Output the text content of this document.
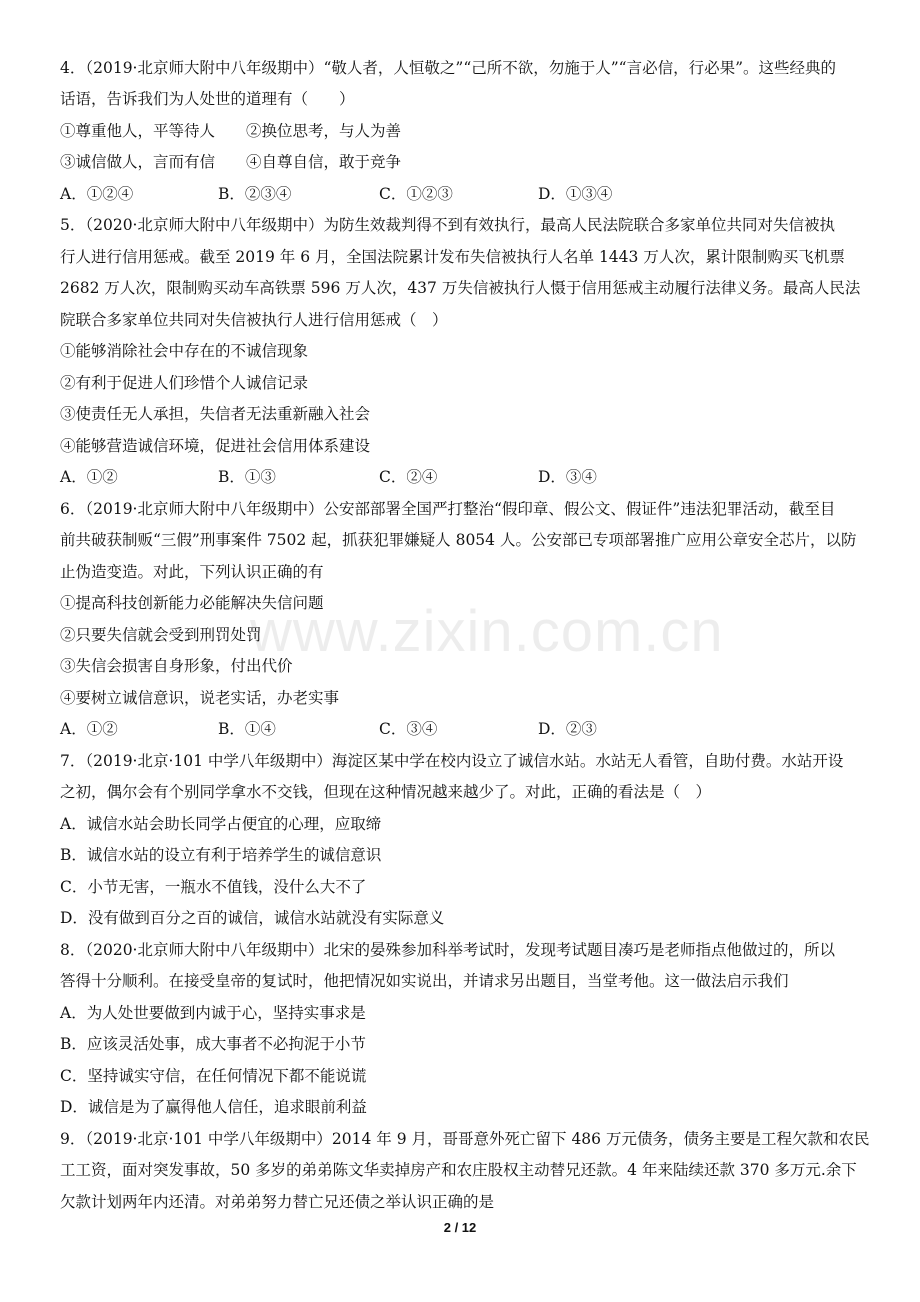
4．（2019·北京师大附中八年级期中）“敬人者，人恒敬之”“己所不欲，勿施于人”“言必信，行必果”。这些经典的
话语，告诉我们为人处世的道理有（　　）
①尊重他人，平等待人　　②换位思考，与人为善
③诚信做人，言而有信　　④自尊自信，敢于竞争
A．①②④	B．②③④	C．①②③	D．①③④
5．（2020·北京师大附中八年级期中）为防生效裁判得不到有效执行，最高人民法院联合多家单位共同对失信被执
行人进行信用惩戒。截至 2019 年 6 月，全国法院累计发布失信被执行人名单 1443 万人次，累计限制购买飞机票
2682 万人次，限制购买动车高铁票 596 万人次，437 万失信被执行人慑于信用惩戒主动履行法律义务。最高人民法
院联合多家单位共同对失信被执行人进行信用惩戒（　）
①能够消除社会中存在的不诚信现象
②有利于促进人们珍惜个人诚信记录
③使责任无人承担，失信者无法重新融入社会
④能够营造诚信环境，促进社会信用体系建设
A．①②	B．①③	C．②④	D．③④
6．（2019·北京师大附中八年级期中）公安部部署全国严打整治“假印章、假公文、假证件”违法犯罪活动，截至目
前共破获制贩“三假”刑事案件 7502 起，抓获犯罪嫌疑人 8054 人。公安部已专项部署推广应用公章安全芯片，以防
止伪造变造。对此，下列认识正确的有
①提高科技创新能力必能解决失信问题
②只要失信就会受到刑罚处罚
③失信会损害自身形象，付出代价
④要树立诚信意识，说老实话，办老实事
A．①②	B．①④	C．③④	D．②③
7．（2019·北京·101 中学八年级期中）海淀区某中学在校内设立了诚信水站。水站无人看管，自助付费。水站开设
之初，偶尔会有个别同学拿水不交钱，但现在这种情况越来越少了。对此，正确的看法是（　）
A．诚信水站会助长同学占便宜的心理，应取缔
B．诚信水站的设立有利于培养学生的诚信意识
C．小节无害，一瓶水不值钱，没什么大不了
D．没有做到百分之百的诚信，诚信水站就没有实际意义
8．（2020·北京师大附中八年级期中）北宋的晏殊参加科举考试时，发现考试题目凑巧是老师指点他做过的，所以
答得十分顺利。在接受皇帝的复试时，他把情况如实说出，并请求另出题目，当堂考他。这一做法启示我们
A．为人处世要做到内诚于心，坚持实事求是
B．应该灵活处事，成大事者不必拘泥于小节
C．坚持诚实守信，在任何情况下都不能说谎
D．诚信是为了赢得他人信任，追求眼前利益
9．（2019·北京·101 中学八年级期中）2014 年 9 月，哥哥意外死亡留下 486 万元债务，债务主要是工程欠款和农民
工工资，面对突发事故，50 多岁的弟弟陈文华卖掉房产和农庄股权主动替兄还款。4 年来陆续还款 370 多万元.余下
欠款计划两年内还清。对弟弟努力替亡兄还债之举认识正确的是
www.zixin.com.cn
2 / 12
